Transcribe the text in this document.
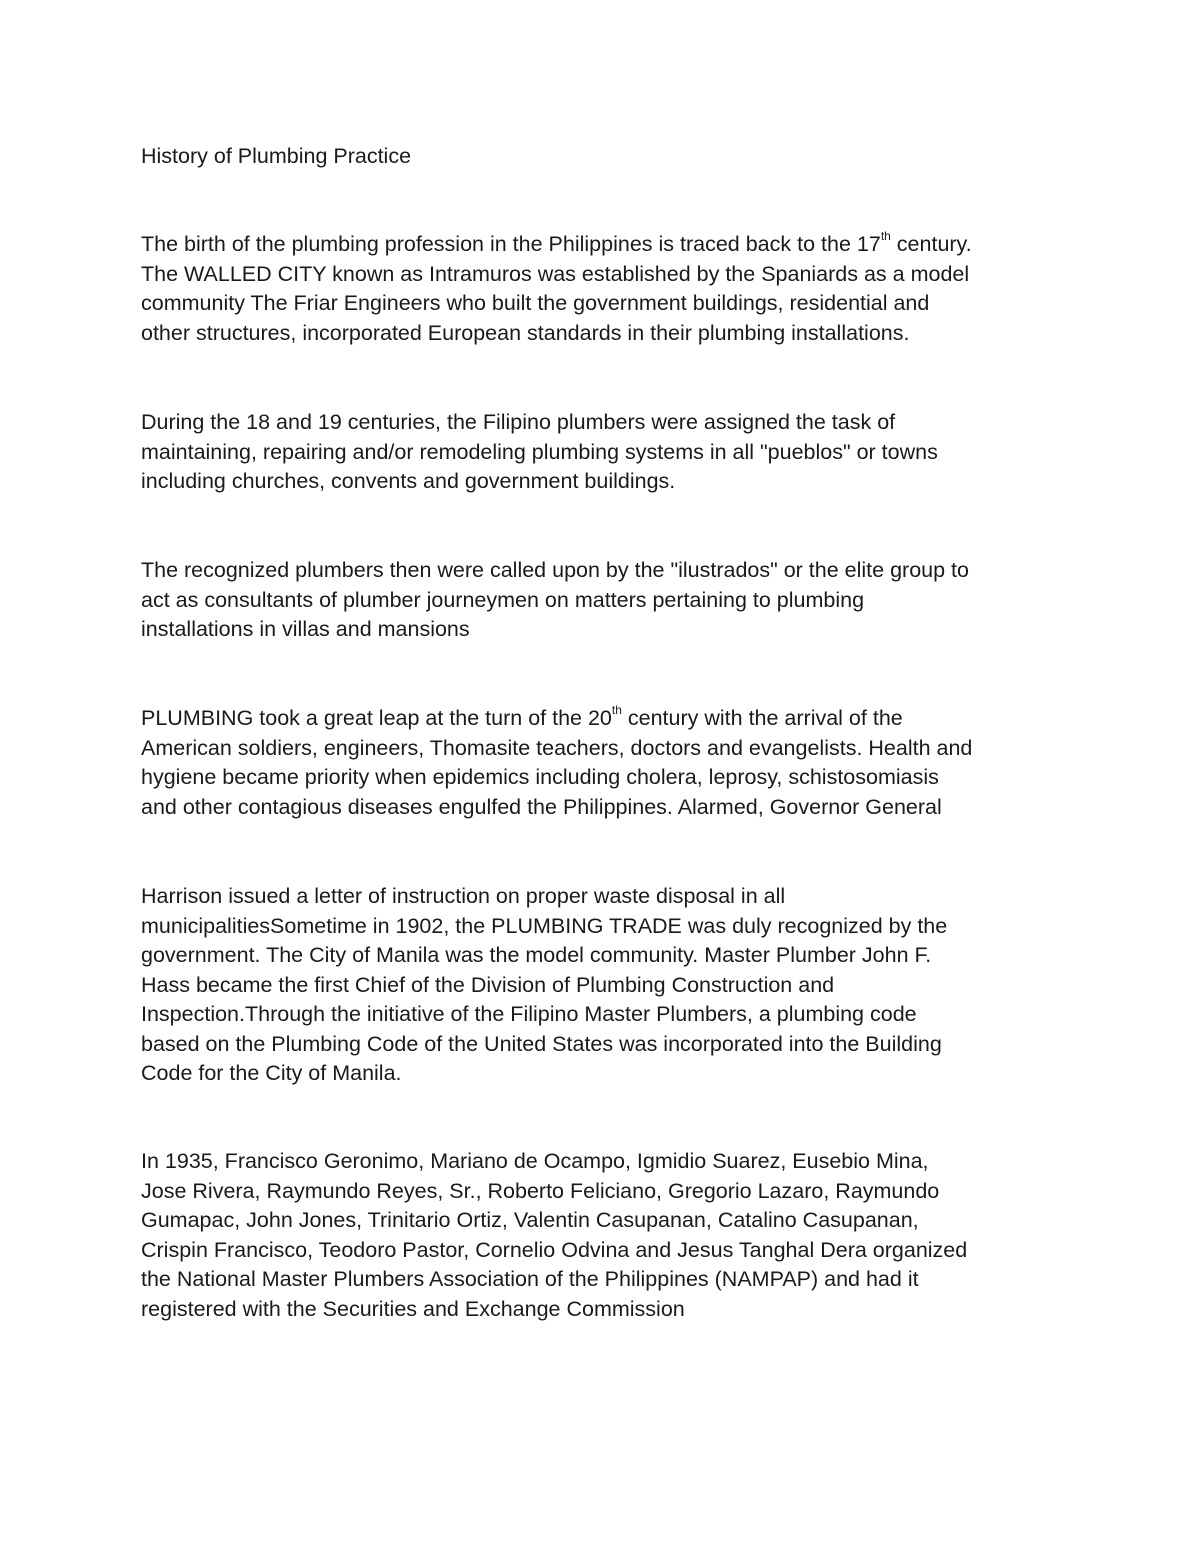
History of Plumbing Practice

The birth of the plumbing profession in the Philippines is traced back to the 17th century.
The WALLED CITY known as Intramuros was established by the Spaniards as a model
community The Friar Engineers who built the government buildings, residential and
other structures, incorporated European standards in their plumbing installations.

During the 18 and 19 centuries, the Filipino plumbers were assigned the task of
maintaining, repairing and/or remodeling plumbing systems in all "pueblos" or towns
including churches, convents and government buildings.

The recognized plumbers then were called upon by the "ilustrados" or the elite group to
act as consultants of plumber journeymen on matters pertaining to plumbing
installations in villas and mansions

PLUMBING took a great leap at the turn of the 20th century with the arrival of the
American soldiers, engineers, Thomasite teachers, doctors and evangelists. Health and
hygiene became priority when epidemics including cholera, leprosy, schistosomiasis
and other contagious diseases engulfed the Philippines. Alarmed, Governor General

Harrison issued a letter of instruction on proper waste disposal in all
municipalitiesSometime in 1902, the PLUMBING TRADE was duly recognized by the
government. The City of Manila was the model community. Master Plumber John F.
Hass became the first Chief of the Division of Plumbing Construction and
Inspection.Through the initiative of the Filipino Master Plumbers, a plumbing code
based on the Plumbing Code of the United States was incorporated into the Building
Code for the City of Manila.

In 1935, Francisco Geronimo, Mariano de Ocampo, Igmidio Suarez, Eusebio Mina,
Jose Rivera, Raymundo Reyes, Sr., Roberto Feliciano, Gregorio Lazaro, Raymundo
Gumapac, John Jones, Trinitario Ortiz, Valentin Casupanan, Catalino Casupanan,
Crispin Francisco, Teodoro Pastor, Cornelio Odvina and Jesus Tanghal Dera organized
the National Master Plumbers Association of the Philippines (NAMPAP) and had it
registered with the Securities and Exchange Commission
